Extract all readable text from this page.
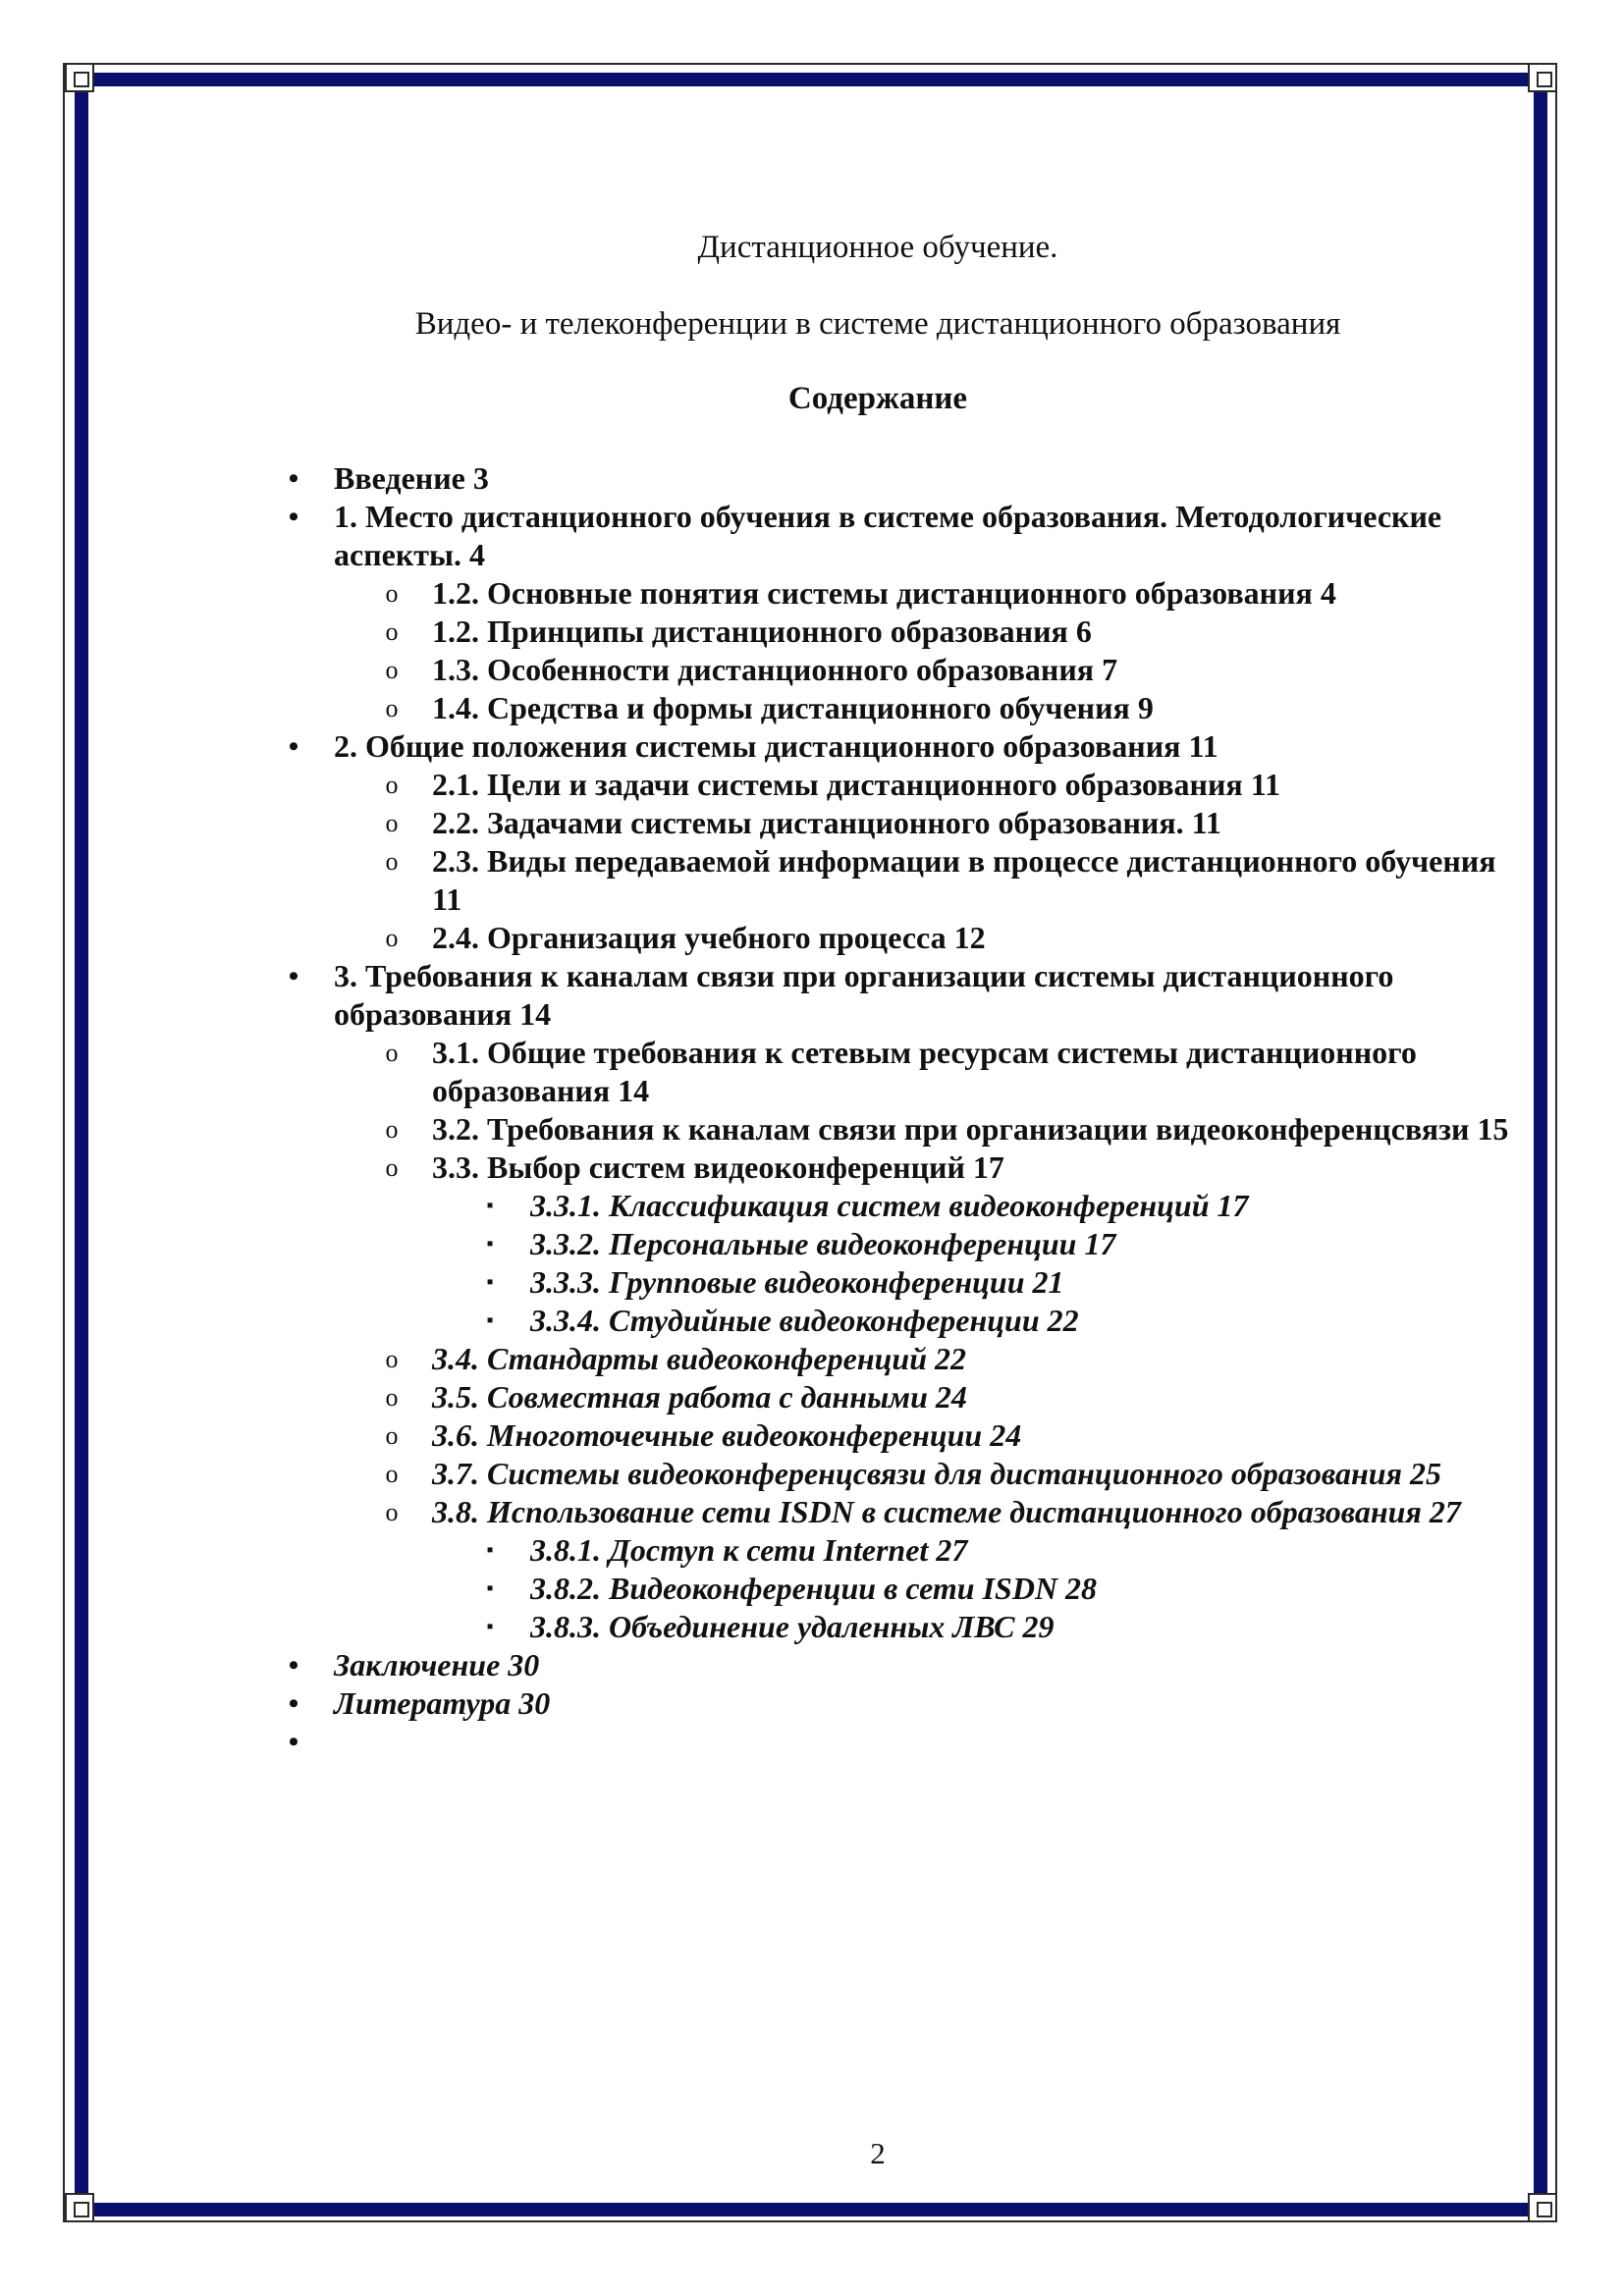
Дистанционное обучение.
Видео- и телеконференции в системе дистанционного образования
Содержание
•	Введение 3
•	1. Место дистанционного обучения в системе образования. Методологические аспекты. 4
o 1.2. Основные понятия системы дистанционного образования 4
o 1.2. Принципы дистанционного образования 6
o 1.3. Особенности дистанционного образования 7
o 1.4. Средства и формы дистанционного обучения 9
•	2. Общие положения системы дистанционного образования 11
o 2.1. Цели и задачи системы дистанционного образования 11
o 2.2. Задачами системы дистанционного образования. 11
o 2.3. Виды передаваемой информации в процессе дистанционного обучения 11
o 2.4. Организация учебного процесса 12
•	3. Требования к каналам связи при организации системы дистанционного образования 14
o 3.1. Общие требования к сетевым ресурсам системы дистанционного образования 14
o 3.2. Требования к каналам связи при организации видеоконференцсвязи 15
o 3.3. Выбор систем видеоконференций 17
▪	3.3.1. Классификация систем видеоконференций 17
▪	3.3.2. Персональные видеоконференции 17
▪	3.3.3. Групповые видеоконференции 21
▪	3.3.4. Студийные видеоконференции 22
o 3.4. Стандарты видеоконференций 22
o 3.5. Совместная работа с данными 24
o 3.6. Многоточечные видеоконференции 24
o 3.7. Системы видеоконференцсвязи для дистанционного образования 25
o 3.8. Использование сети ISDN в системе дистанционного образования 27
▪	3.8.1. Доступ к сети Internet 27
▪	3.8.2. Видеоконференции в сети ISDN 28
▪	3.8.3. Объединение удаленных ЛВС 29
•	Заключение 30
•	Литература 30
•

2
